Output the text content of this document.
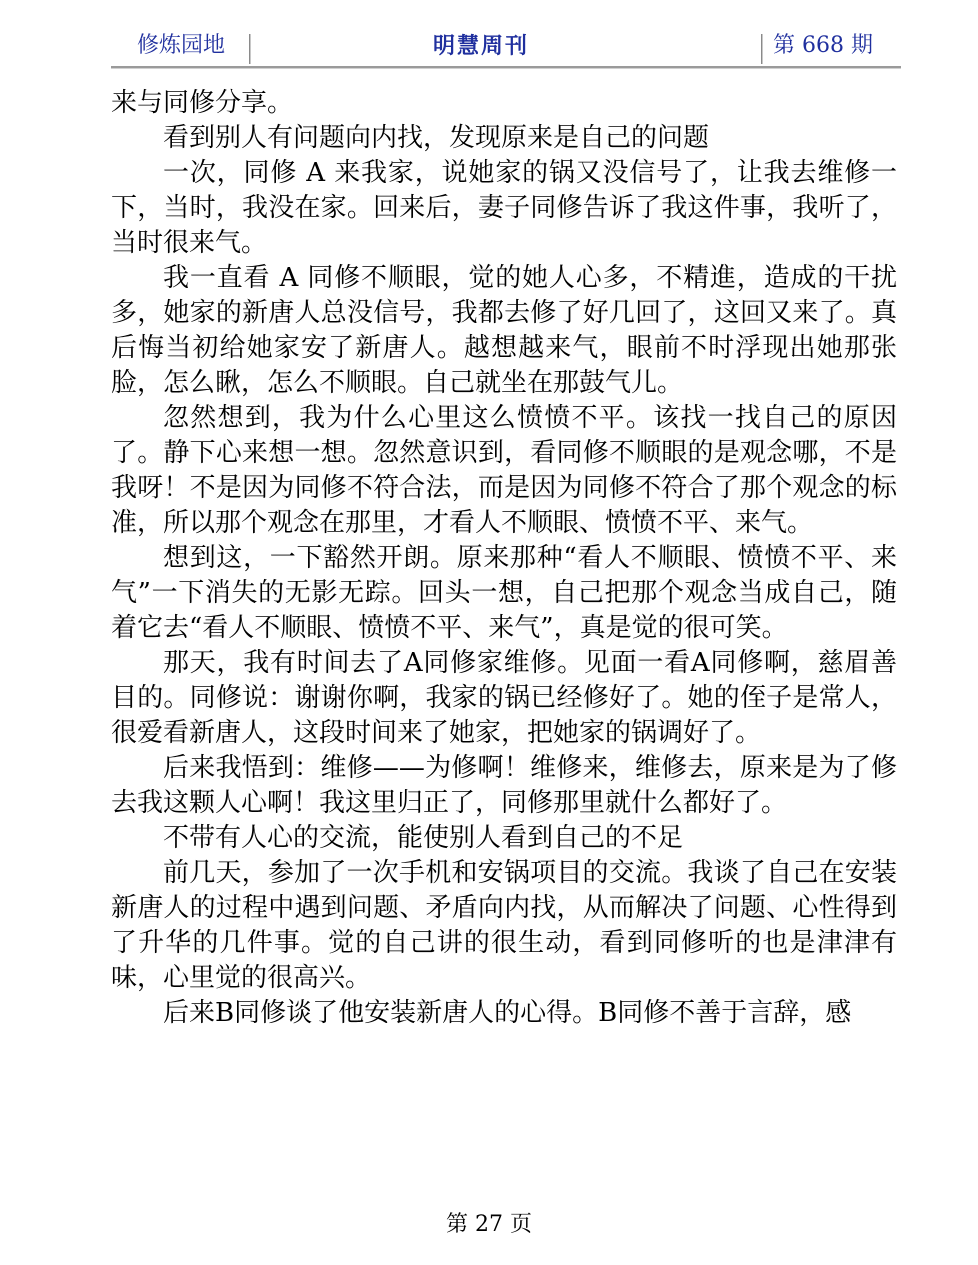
修炼园地	明慧周刊	第 668 期

来与同修分享。

看到别人有问题向内找，发现原来是自己的问题

一次，同修 A 来我家，说她家的锅又没信号了，让我去维修一下，当时，我没在家。回来后，妻子同修告诉了我这件事，我听了，当时很来气。

我一直看 A 同修不顺眼，觉的她人心多，不精進，造成的干扰多，她家的新唐人总没信号，我都去修了好几回了，这回又来了。真后悔当初给她家安了新唐人。越想越来气，眼前不时浮现出她那张脸，怎么瞅，怎么不顺眼。自己就坐在那鼓气儿。

忽然想到，我为什么心里这么愤愤不平。该找一找自己的原因了。静下心来想一想。忽然意识到，看同修不顺眼的是观念哪，不是我呀！不是因为同修不符合法，而是因为同修不符合了那个观念的标准，所以那个观念在那里，才看人不顺眼、愤愤不平、来气。

想到这，一下豁然开朗。原来那种“看人不顺眼、愤愤不平、来气”一下消失的无影无踪。回头一想，自己把那个观念当成自己，随着它去“看人不顺眼、愤愤不平、来气”，真是觉的很可笑。

那天，我有时间去了A同修家维修。见面一看A同修啊，慈眉善目的。同修说：谢谢你啊，我家的锅已经修好了。她的侄子是常人，很爱看新唐人，这段时间来了她家，把她家的锅调好了。

后来我悟到：维修——为修啊！维修来，维修去，原来是为了修去我这颗人心啊！我这里归正了，同修那里就什么都好了。

不带有人心的交流，能使别人看到自己的不足

前几天，参加了一次手机和安锅项目的交流。我谈了自己在安装新唐人的过程中遇到问题、矛盾向内找，从而解决了问题、心性得到了升华的几件事。觉的自己讲的很生动，看到同修听的也是津津有味，心里觉的很高兴。

后来B同修谈了他安装新唐人的心得。B同修不善于言辞，感

第 27 页
